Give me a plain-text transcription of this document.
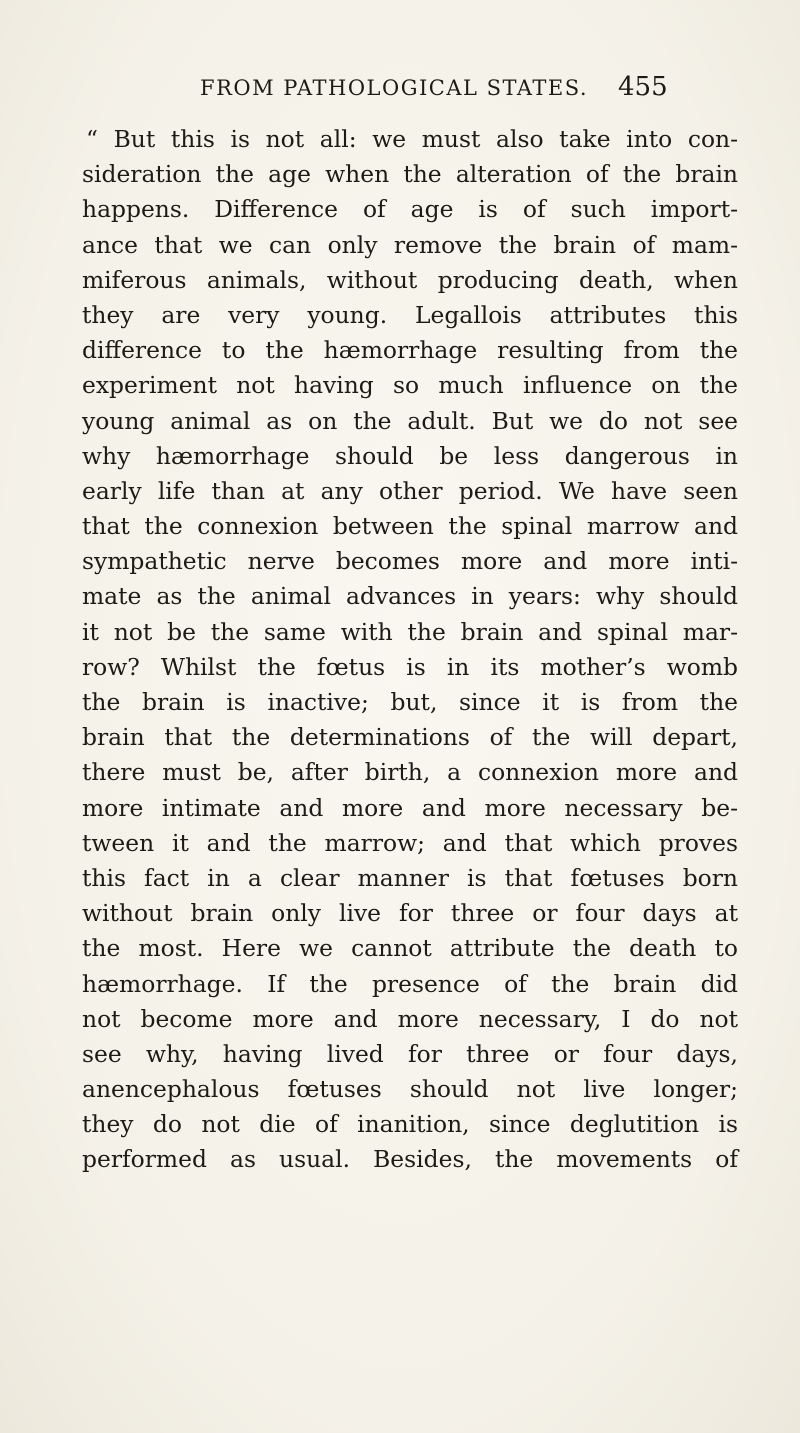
FROM PATHOLOGICAL STATES. 455
“ But this is not all: we must also take into con-
sideration the age when the alteration of the brain
happens. Difference of age is of such import-
ance that we can only remove the brain of mam-
miferous animals, without producing death, when
they are very young. Legallois attributes this
difference to the hæmorrhage resulting from the
experiment not having so much influence on the
young animal as on the adult. But we do not see
why hæmorrhage should be less dangerous in
early life than at any other period. We have seen
that the connexion between the spinal marrow and
sympathetic nerve becomes more and more inti-
mate as the animal advances in years: why should
it not be the same with the brain and spinal mar-
row? Whilst the fœtus is in its mother’s womb
the brain is inactive; but, since it is from the
brain that the determinations of the will depart,
there must be, after birth, a connexion more and
more intimate and more and more necessary be-
tween it and the marrow; and that which proves
this fact in a clear manner is that fœtuses born
without brain only live for three or four days at
the most. Here we cannot attribute the death to
hæmorrhage. If the presence of the brain did
not become more and more necessary, I do not
see why, having lived for three or four days,
anencephalous fœtuses should not live longer;
they do not die of inanition, since deglutition is
performed as usual. Besides, the movements of
